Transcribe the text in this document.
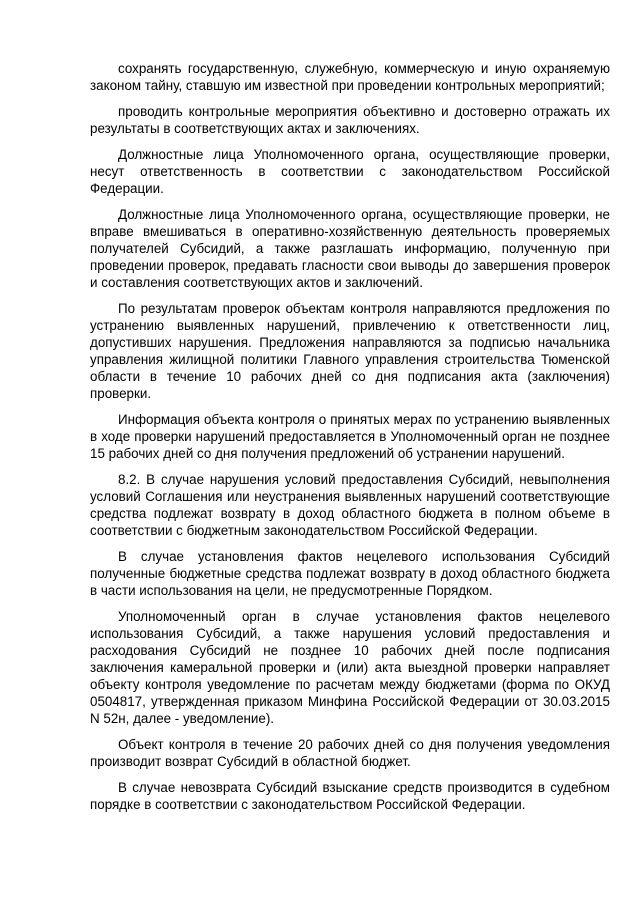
сохранять государственную, служебную, коммерческую и иную охраняемую законом тайну, ставшую им известной при проведении контрольных мероприятий;

проводить контрольные мероприятия объективно и достоверно отражать их результаты в соответствующих актах и заключениях.

Должностные лица Уполномоченного органа, осуществляющие проверки, несут ответственность в соответствии с законодательством Российской Федерации.

Должностные лица Уполномоченного органа, осуществляющие проверки, не вправе вмешиваться в оперативно-хозяйственную деятельность проверяемых получателей Субсидий, а также разглашать информацию, полученную при проведении проверок, предавать гласности свои выводы до завершения проверок и составления соответствующих актов и заключений.

По результатам проверок объектам контроля направляются предложения по устранению выявленных нарушений, привлечению к ответственности лиц, допустивших нарушения. Предложения направляются за подписью начальника управления жилищной политики Главного управления строительства Тюменской области в течение 10 рабочих дней со дня подписания акта (заключения) проверки.

Информация объекта контроля о принятых мерах по устранению выявленных в ходе проверки нарушений предоставляется в Уполномоченный орган не позднее 15 рабочих дней со дня получения предложений об устранении нарушений.

8.2. В случае нарушения условий предоставления Субсидий, невыполнения условий Соглашения или неустранения выявленных нарушений соответствующие средства подлежат возврату в доход областного бюджета в полном объеме в соответствии с бюджетным законодательством Российской Федерации.

В случае установления фактов нецелевого использования Субсидий полученные бюджетные средства подлежат возврату в доход областного бюджета в части использования на цели, не предусмотренные Порядком.

Уполномоченный орган в случае установления фактов нецелевого использования Субсидий, а также нарушения условий предоставления и расходования Субсидий не позднее 10 рабочих дней после подписания заключения камеральной проверки и (или) акта выездной проверки направляет объекту контроля уведомление по расчетам между бюджетами (форма по ОКУД 0504817, утвержденная приказом Минфина Российской Федерации от 30.03.2015 N 52н, далее - уведомление).

Объект контроля в течение 20 рабочих дней со дня получения уведомления производит возврат Субсидий в областной бюджет.

В случае невозврата Субсидий взыскание средств производится в судебном порядке в соответствии с законодательством Российской Федерации.
